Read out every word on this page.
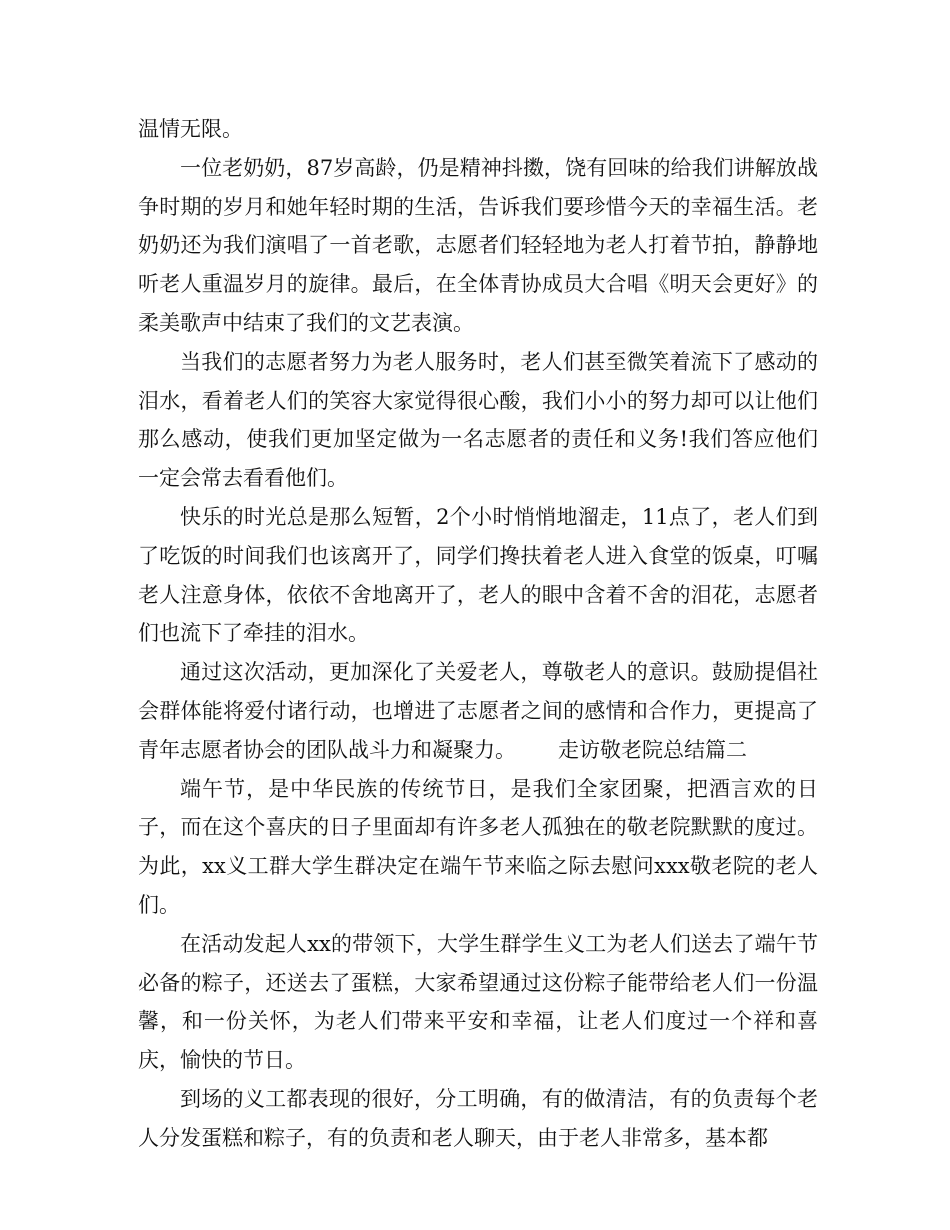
温情无限。

一位老奶奶，87岁高龄，仍是精神抖擞，饶有回味的给我们讲解放战争时期的岁月和她年轻时期的生活，告诉我们要珍惜今天的幸福生活。老奶奶还为我们演唱了一首老歌，志愿者们轻轻地为老人打着节拍，静静地听老人重温岁月的旋律。最后，在全体青协成员大合唱《明天会更好》的柔美歌声中结束了我们的文艺表演。

当我们的志愿者努力为老人服务时，老人们甚至微笑着流下了感动的泪水，看着老人们的笑容大家觉得很心酸，我们小小的努力却可以让他们那么感动，使我们更加坚定做为一名志愿者的责任和义务!我们答应他们一定会常去看看他们。

快乐的时光总是那么短暂，2个小时悄悄地溜走，11点了，老人们到了吃饭的时间我们也该离开了，同学们搀扶着老人进入食堂的饭桌，叮嘱老人注意身体，依依不舍地离开了，老人的眼中含着不舍的泪花，志愿者们也流下了牵挂的泪水。

通过这次活动，更加深化了关爱老人，尊敬老人的意识。鼓励提倡社会群体能将爱付诸行动，也增进了志愿者之间的感情和合作力，更提高了青年志愿者协会的团队战斗力和凝聚力。 走访敬老院总结篇二

端午节，是中华民族的传统节日，是我们全家团聚，把酒言欢的日子，而在这个喜庆的日子里面却有许多老人孤独在的敬老院默默的度过。为此，xx义工群大学生群决定在端午节来临之际去慰问xxx敬老院的老人们。

在活动发起人xx的带领下，大学生群学生义工为老人们送去了端午节必备的粽子，还送去了蛋糕，大家希望通过这份粽子能带给老人们一份温馨，和一份关怀，为老人们带来平安和幸福，让老人们度过一个祥和喜庆，愉快的节日。

到场的义工都表现的很好，分工明确，有的做清洁，有的负责每个老人分发蛋糕和粽子，有的负责和老人聊天，由于老人非常多，基本都
